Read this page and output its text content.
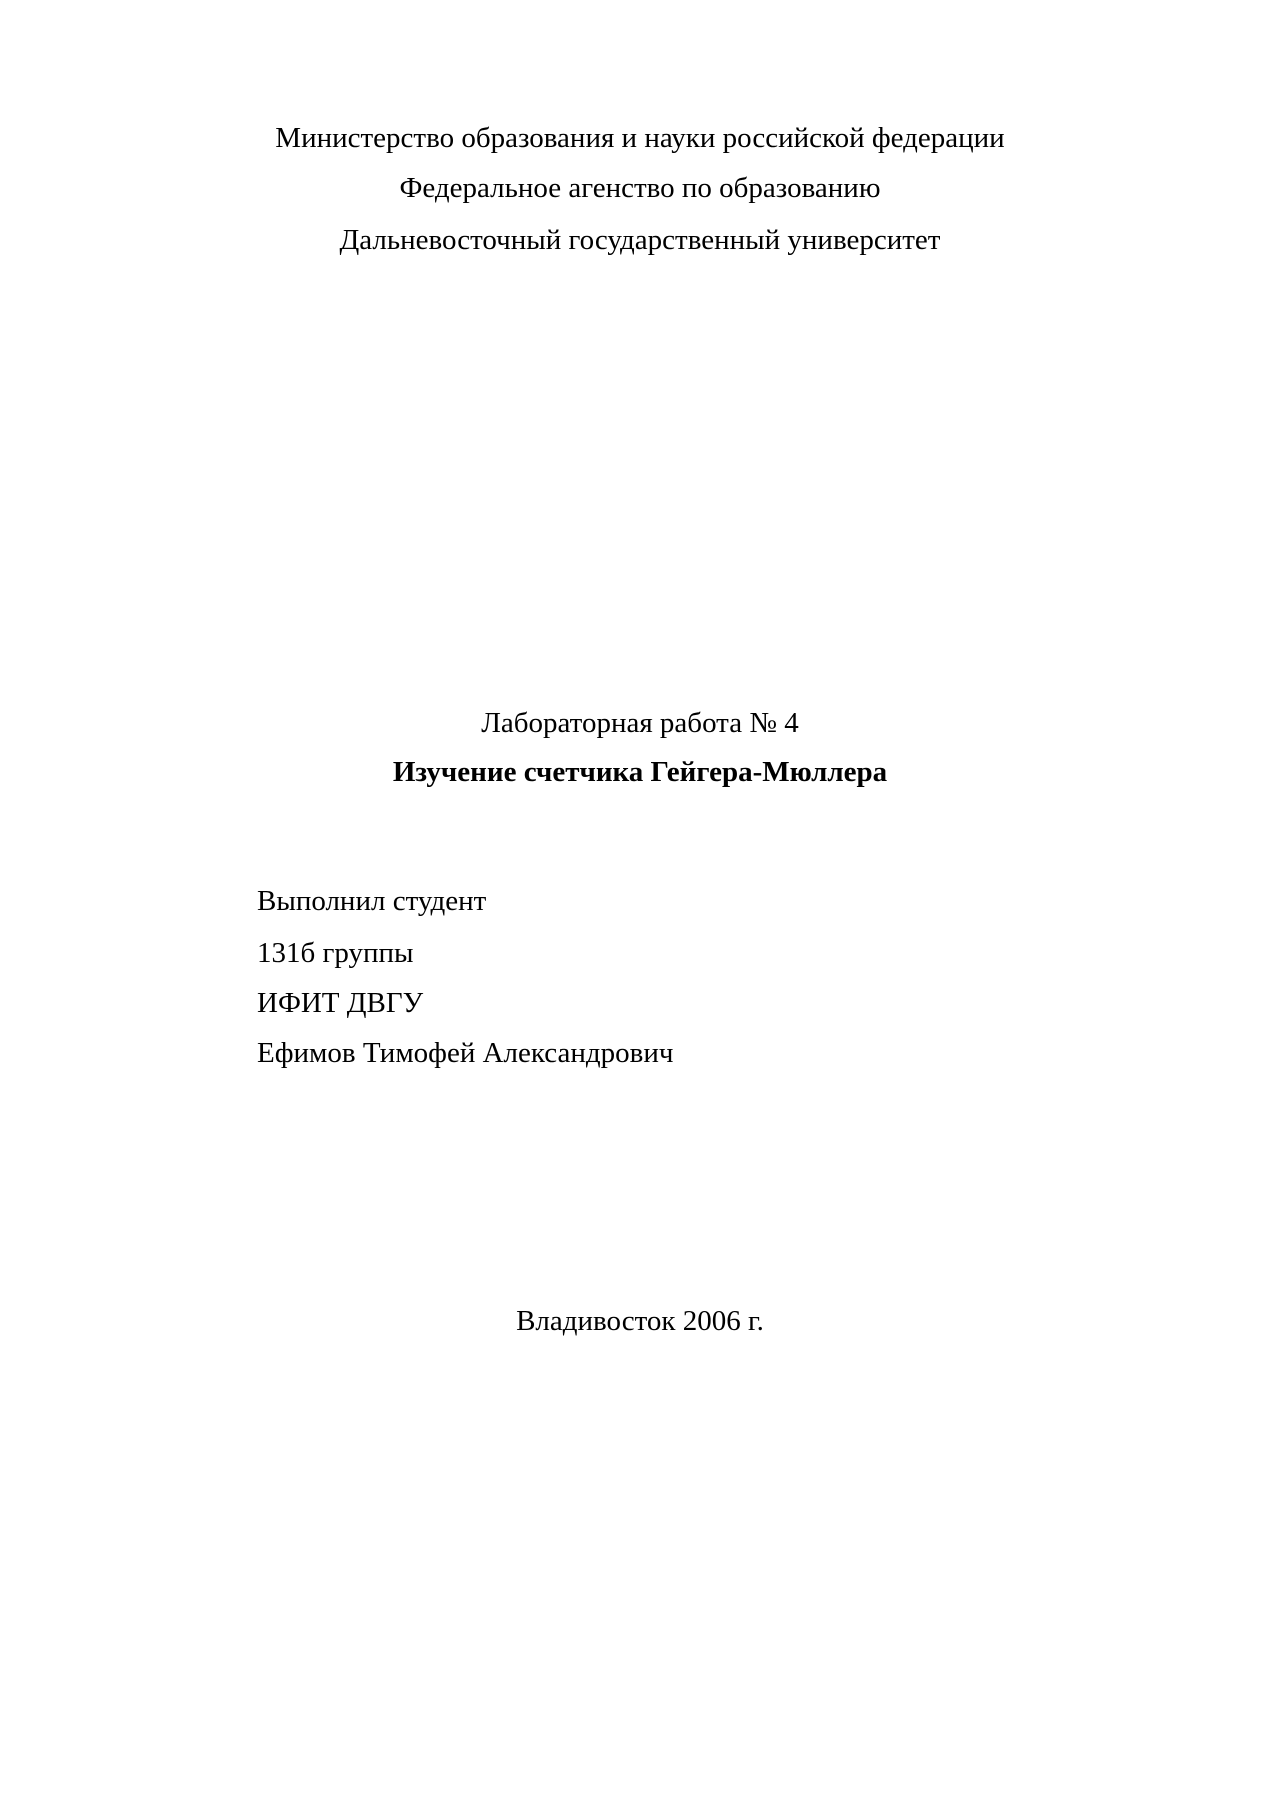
Министерство образования и науки российской федерации
Федеральное агенство по образованию
Дальневосточный государственный университет
Лабораторная работа № 4
Изучение счетчика Гейгера-Мюллера
Выполнил студент
131б группы
ИФИТ ДВГУ
Ефимов Тимофей Александрович
Владивосток 2006 г.
